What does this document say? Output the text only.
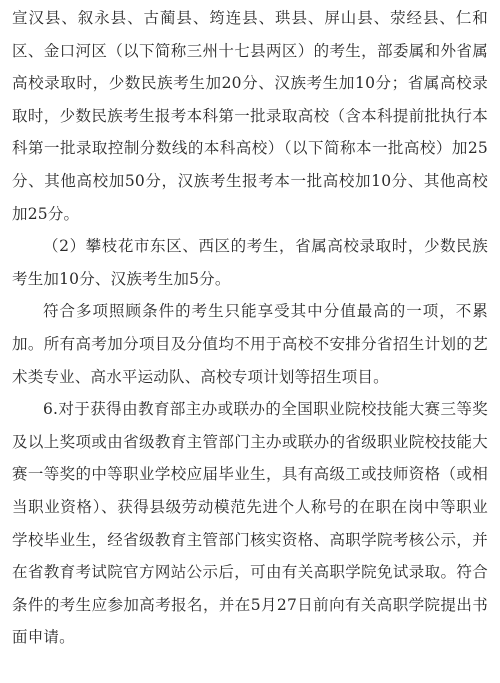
宣汉县、叙永县、古蔺县、筠连县、珙县、屏山县、荥经县、仁和区、金口河区（以下简称三州十七县两区）的考生，部委属和外省属高校录取时，少数民族考生加20分、汉族考生加10分；省属高校录取时，少数民族考生报考本科第一批录取高校（含本科提前批执行本科第一批录取控制分数线的本科高校）（以下简称本一批高校）加25分、其他高校加50分，汉族考生报考本一批高校加10分、其他高校加25分。

（2）攀枝花市东区、西区的考生，省属高校录取时，少数民族考生加10分、汉族考生加5分。

符合多项照顾条件的考生只能享受其中分值最高的一项，不累加。所有高考加分项目及分值均不用于高校不安排分省招生计划的艺术类专业、高水平运动队、高校专项计划等招生项目。

6.对于获得由教育部主办或联办的全国职业院校技能大赛三等奖及以上奖项或由省级教育主管部门主办或联办的省级职业院校技能大赛一等奖的中等职业学校应届毕业生，具有高级工或技师资格（或相当职业资格）、获得县级劳动模范先进个人称号的在职在岗中等职业学校毕业生，经省级教育主管部门核实资格、高职学院考核公示，并在省教育考试院官方网站公示后，可由有关高职学院免试录取。符合条件的考生应参加高考报名，并在5月27日前向有关高职学院提出书面申请。
